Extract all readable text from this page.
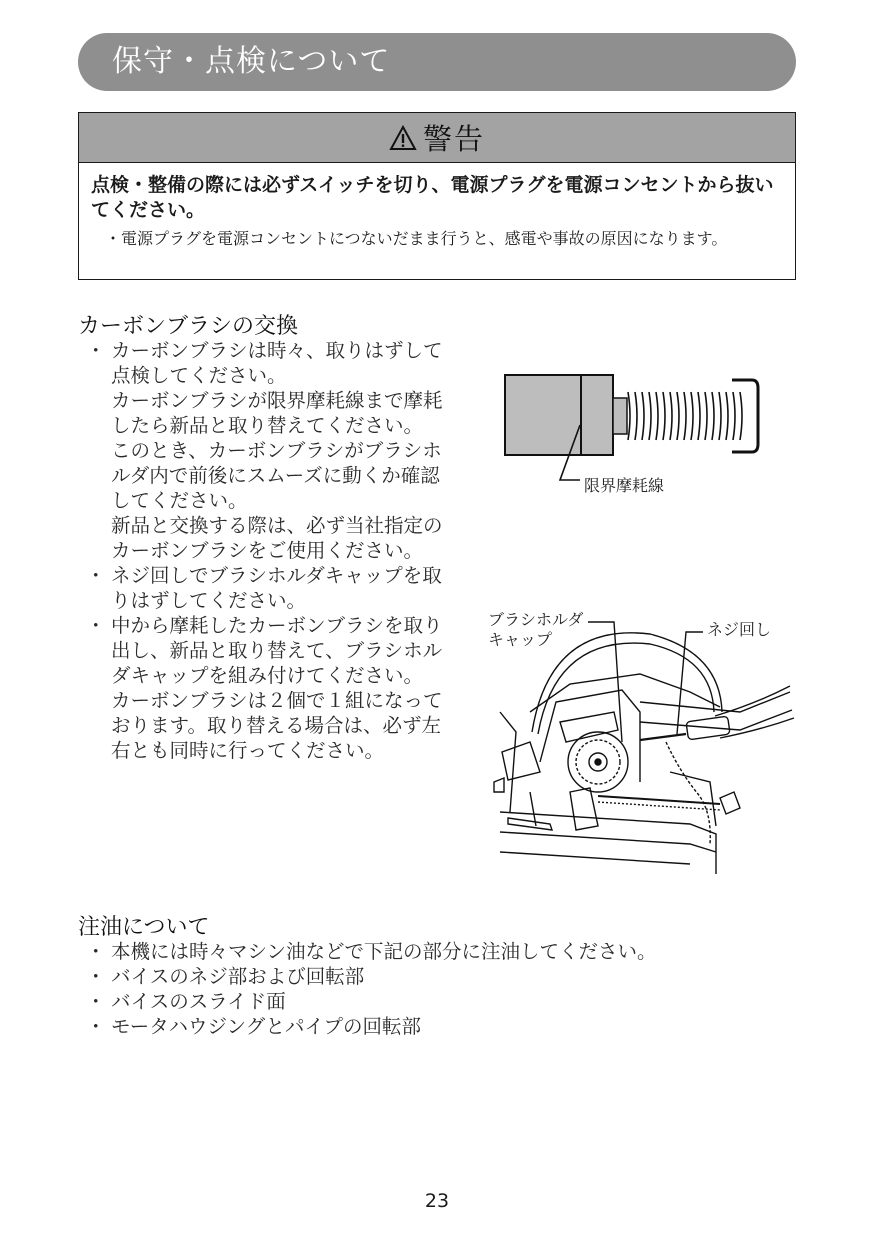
保守・点検について
警告
点検・整備の際には必ずスイッチを切り、電源プラグを電源コンセントから抜いてください。
・ 電源プラグを電源コンセントにつないだまま行うと、感電や事故の原因になります。
カーボンブラシの交換
・ カーボンブラシは時々、取りはずして点検してください。

カーボンブラシが限界摩耗線まで摩耗したら新品と取り替えてください。

このとき、カーボンブラシがブラシホルダ内で前後にスムーズに動くか確認してください。

新品と交換する際は、必ず当社指定のカーボンブラシをご使用ください。

・ ネジ回しでブラシホルダキャップを取りはずしてください。

・ 中から摩耗したカーボンブラシを取り出し、新品と取り替えて、ブラシホルダキャップを組み付けてください。

カーボンブラシは２個で１組になっております。取り替える場合は、必ず左右とも同時に行ってください。

限界摩耗線
ブラシホルダ
キャップ
ネジ回し
注油について
・ 本機には時々マシン油などで下記の部分に注油してください。
・ バイスのネジ部および回転部
・ バイスのスライド面
・ モータハウジングとパイプの回転部
23
